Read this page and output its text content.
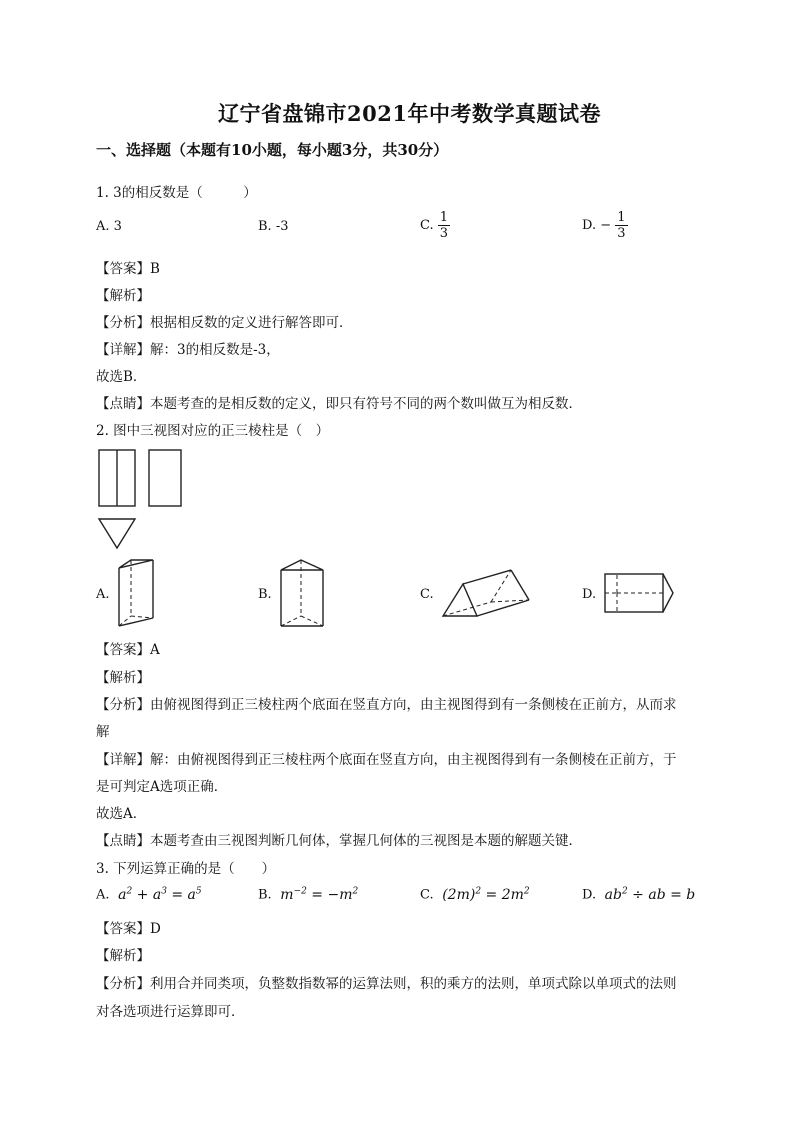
辽宁省盘锦市2021年中考数学真题试卷
一、选择题（本题有10小题，每小题3分，共30分）
1. 3的相反数是（　　　）
A. 3	B. -3	C. $\frac{1}{3}$	D. − $\frac{1}{3}$
【答案】B
【解析】
【分析】根据相反数的定义进行解答即可．
【详解】解：3的相反数是-3，
故选B．
【点睛】本题考查的是相反数的定义，即只有符号不同的两个数叫做互为相反数．
2. 图中三视图对应的正三棱柱是（　）
A.	B.	C.	D.
【答案】A
【解析】
【分析】由俯视图得到正三棱柱两个底面在竖直方向，由主视图得到有一条侧棱在正前方，从而求
解
【详解】解：由俯视图得到正三棱柱两个底面在竖直方向，由主视图得到有一条侧棱在正前方，于
是可判定A选项正确．
故选A．
【点睛】本题考查由三视图判断几何体，掌握几何体的三视图是本题的解题关键．
3. 下列运算正确的是（　　）
A.  $a^2 + a^3 = a^5$	B.  $m^{-2} = -m^2$	C.  $(2m)^2 = 2m^2$	D.  $ab^2$ ÷ ab = b
【答案】D
【解析】
【分析】利用合并同类项，负整数指数幂的运算法则，积的乘方的法则，单项式除以单项式的法则
对各选项进行运算即可．
